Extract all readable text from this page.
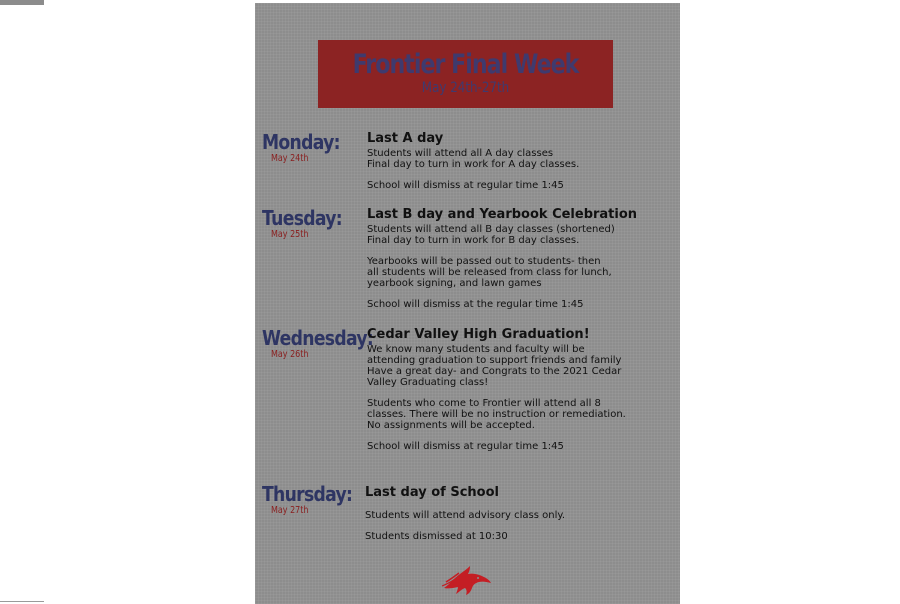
Frontier Final Week
May 24th-27th
Monday:
May 24th
Last A day
Students will attend all A day classes
Final day to turn in work for A day classes.
School will dismiss at regular time 1:45
Tuesday:
May 25th
Last B day and Yearbook Celebration
Students will attend all B day classes (shortened)
Final day to turn in work for B day classes.
Yearbooks will be passed out to students- then
all students will be released from class for lunch,
yearbook signing, and lawn games
School will dismiss at the regular time 1:45
Wednesday:
May 26th
Cedar Valley High Graduation!
We know many students and faculty will be
attending graduation to support friends and family
Have a great day- and Congrats to the 2021 Cedar
Valley Graduating class!
Students who come to Frontier will attend all 8
classes. There will be no instruction or remediation.
No assignments will be accepted.
School will dismiss at regular time 1:45
Thursday:
May 27th
Last day of School
Students will attend advisory class only.
Students dismissed at 10:30
